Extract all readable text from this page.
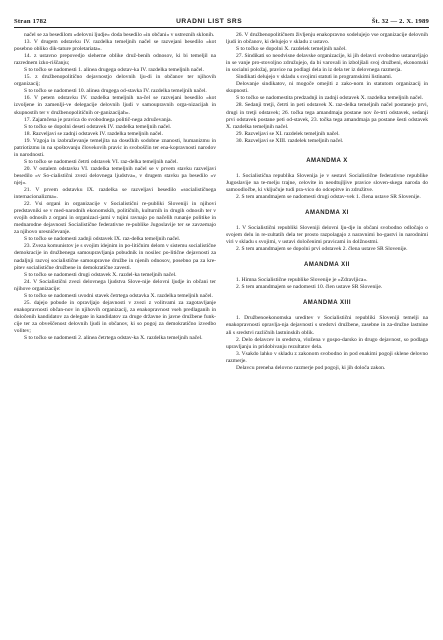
Stran 1782	URADNI LIST SRS	Št. 32 — 2. X. 1989

načel se za besedilom »delovni ljudje« doda besedilo »in občani« v ustreznih sklonih.

13. V drugem odstavku IV. razdelka temeljnih načel se razvejani besedilo »kot posebno obliko dik-tature proletariata«.

14. z ustavno prepovedjo sleherne oblike druž-benih odnosov, ki bi temeljil na razrednem izko-riščanju;

S to točko se nadomesti 1. alinea drugega odstav-ka IV. razdelka temeljnih načel.

15. z družbenopolitično dejavnostjo delovnih lju-di in občanov ter njihovih organizacij;

S to točko se nadomesti 10. alinea drugega od-stavka IV. razdelka temeljnih načel.

16. V petem odstavku IV. razdelka temeljnih na-čel se razvejani besedilo »kot izvoljene in zamenlji-ve delegacije delovnih ljudi v samoupravnih orga-nizacijah in skupnostih ter v družbenopolitičnih or-ganizacijah«.

17. Zajamčena je pravica do svobodnega politič-nega združevanja.

S to točko se dopolni deseti odstavek IV. razdelka temeljnih načel.

18. Razveljavi se zadnji odstavek IV. razdelka temeljnih načel.

19. Vzgoja in izobraževanje temeljita na dosežkih sodobne znanosti, humanizmu in patriotizmu in na spoštovanju človekovih pravic in svoboščin ter ena-kopravnosti narodov in narodnosti.

S to točko se nadomesti četrti odstavek VI. raz-delka temeljnih načel.

20. V ostalem odstavku VI. razdelka temeljnih načel se v prvem stavku razveljavi besedilo »v So-cialistični zvezi delovnega ljudstva«, v drugem stavku pa besedilo »v njej«.

21. V prvem odstavku IX. razdelka se razveljavi besedilo »socialističnega internacionalizma«.

22. Vsi organi in organizacije v Socialistični re-publiki Sloveniji in njihovi predstavniki se v med-narodnih ekonomskih, političnih, kulturnih in drugih odnosih ter v svojih odnosih z organi in organizaci-jami v tujini ravnajo po načelih runanje politike in mednarodne dejavnosti Socialistične federativne re-publike Jugoslavije ter se zavzemajo za njihovo uresničevanje.

S to točko se nadomesti zadnji odstavek IX. raz-delka temeljnih načel.

23. Zveza komunistov je s svojim idejnim in po-litičnim delom v sistemu socialistične demokracije in družbenega samoupravljanja pobudnik in nosilec po-litične dejavnosti za nadaljnji razvoj socialistične samoupravne družbe in njenih odnosov, posebno pa za kre-pitev socialistične družbene in demokratične zavesti.

S to točko se nadomesti drugi odstavek X. razdel-ka temeljnih načel.

24. V Socialistični zvezi delovnega ljudstva Slove-nije delovni ljudje in občani ter njihove organizacije:

S to točko se nadomesti uvodni stavek četrtega odstavka X. razdelka temeljnih načel.

25. dajejo pobude in opravljajo dejavnosti v zvezi z volitvami za zagotavljanje enakopravnosti občan-nov in njihovih organizacij, za enakopravnost vseh predlaganih in določenih kandidatov za delegate in kandidatov za druge državne in javne družbene funk-cije ter za obveščenost delovnih ljudi in občanov, ki so pogoj za demokratično izvedbo volitev;

S to točko se nadomesti 2. alinea četrtega odstav-ka X. razdelka temeljnih načel.

26. V družbenopolitičnem življenju enakopravno sodelujejo vse organizacije delovnih ljudi in občanov, ki delujejo v skladu z ustavo.

S to točko se dopolni X. razdelek temeljnih načel.

27. Sindikati so neodvisne delavske organizacije, ki jih delavci svobodno ustanavljajo in se vanje pro-stovoljno združujejo, da bi varovali in izboljšali svoj družbeni, ekonomski in socialni položaj, pravice na podlagi dela in iz dela ter iz delovnega razmerja.

Sindikati delujejo v skladu s svojimi statuti in programskimi listinami.

Delovanje sindikatov, ni mogoče omejiti z zako-nom in statutom organizacij in skupnosti.

S to točko se nadomestita predzadnji in zadnji odstavek X. razdelka temeljnih načel.

28. Sedanji tretji, četrti in peti odstavek X. raz-delka temeljnih načel postanejo prvi, drugi in tretji odstavek; 26. točka tega amandmaja postane nov če-trti odstavek, sedanji prvi odstavek postane peti od-stavek, 23. točka tega amandmaja pa postane šesti odstavek X. razdelka temeljnih načel.

29. Razveljavi se XI. razdelek temeljnih načel.

30. Razveljavi se XIII. razdelek temeljnih načel.

AMANDMA X

1. Socialistična republika Slovenija je v sestavi Socialistične federativne republike Jugoslavije na te-melju trajne, celovite in neodtujljive pravice sloven-skega naroda do samoodločbe, ki vključuje tudi pra-vico do odcepitve in združitve.

2. S tem amandmajem se nadomesti drugi odstav-vek 1. člena ustave SR Slovenije.

AMANDMA XI

1. V Socialistični republiki Sloveniji delovni lju-dje in občani svobodno odločajo o svojem delu in re-zultatih dela ter prosto razpolagajo z naravnimi bo-gastvi in narodnimi viri v skladu s svojimi, v ustavi določenimi pravicami in dolžnostmi.

2. S tem amandmajem se dopolni prvi odstavek 2. člena ustave SR Slovenije.

AMANDMA XII

1. Himna Socialistične republike Slovenije je »Zdravljica«.

2. S tem amandmajem se nadomesti 10. člen ustave SR Slovenije.

AMANDMA XIII

1. Družbenoekonomska ureditev v Socialistični republiki Sloveniji temelji na enakopravnosti opravlja-nja dejavnosti s sredstvi družbene, zasebne in za-družne lastnine ali s sredstvi različnih lastninskih oblik.

2. Delo delavcev in sredstva, vložena v gospo-darsko in drugo dejavnost, so podlaga upravljanju in pridobivanju rezultatov dela.

3. Vsakdo lahko v skladu z zakonom svobodno in pod enakimi pogoji sklene delovno razmerje.

Delavcu preneha delovno razmerje pod pogoji, ki jih določa zakon.
